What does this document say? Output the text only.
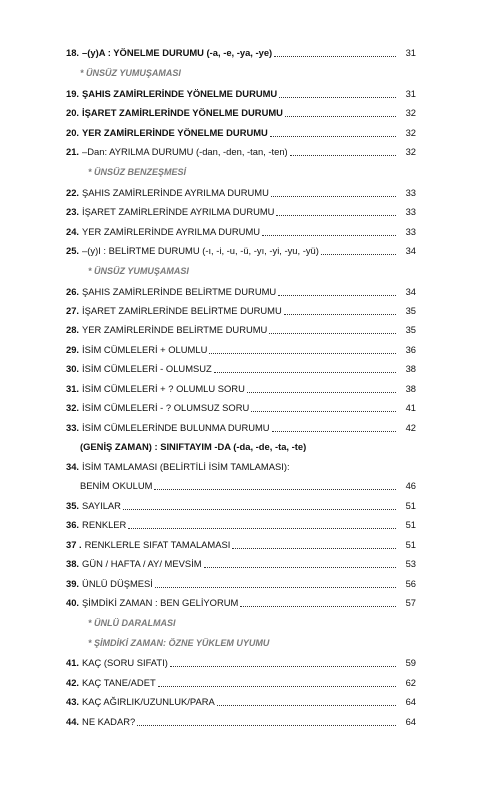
18. –(y)A : YÖNELME DURUMU (-a, -e, -ya, -ye)	31
* ÜNSÜZ YUMUŞAMASI
19. ŞAHIS ZAMİRLERİNDE YÖNELME DURUMU	31
20. İŞARET ZAMİRLERİNDE YÖNELME DURUMU	32
20. YER ZAMİRLERİNDE YÖNELME DURUMU	32
21. –Dan: AYRILMA DURUMU (-dan, -den, -tan, -ten)	32
* ÜNSÜZ BENZEŞMESİ
22. ŞAHIS ZAMİRLERİNDE AYRILMA DURUMU	33
23. İŞARET ZAMİRLERİNDE AYRILMA DURUMU	33
24. YER ZAMİRLERİNDE AYRILMA DURUMU	33
25. –(y)I : BELİRTME DURUMU (-ı, -i, -u, -ü, -yı, -yi, -yu, -yü)	34
* ÜNSÜZ YUMUŞAMASI
26. ŞAHIS ZAMİRLERİNDE BELİRTME DURUMU	34
27. İŞARET ZAMİRLERİNDE BELİRTME DURUMU	35
28. YER ZAMİRLERİNDE BELİRTME DURUMU	35
29. İSİM CÜMLELERİ + OLUMLU	36
30. İSİM CÜMLELERİ - OLUMSUZ	38
31. İSİM CÜMLELERİ + ? OLUMLU SORU	38
32. İSİM CÜMLELERİ - ? OLUMSUZ SORU	41
33. İSİM CÜMLELERİNDE BULUNMA DURUMU	42
(GENİŞ ZAMAN) : SINIFTAYIM -DA (-da, -de, -ta, -te)
34. İSİM TAMLAMASI (BELİRTİLİ İSİM TAMLAMASI):
BENİM OKULUM	46
35. SAYILAR	51
36. RENKLER	51
37 . RENKLERLE SIFAT TAMALAMASI	51
38. GÜN / HAFTA / AY/ MEVSİM	53
39. ÜNLÜ DÜŞMESİ	56
40. ŞİMDİKİ ZAMAN : BEN GELİYORUM	57
* ÜNLÜ DARALMASI
* ŞİMDİKİ ZAMAN: ÖZNE YÜKLEM UYUMU
41. KAÇ (SORU SIFATI)	59
42. KAÇ TANE/ADET	62
43. KAÇ AĞIRLIK/UZUNLUK/PARA	64
44. NE KADAR?	64
